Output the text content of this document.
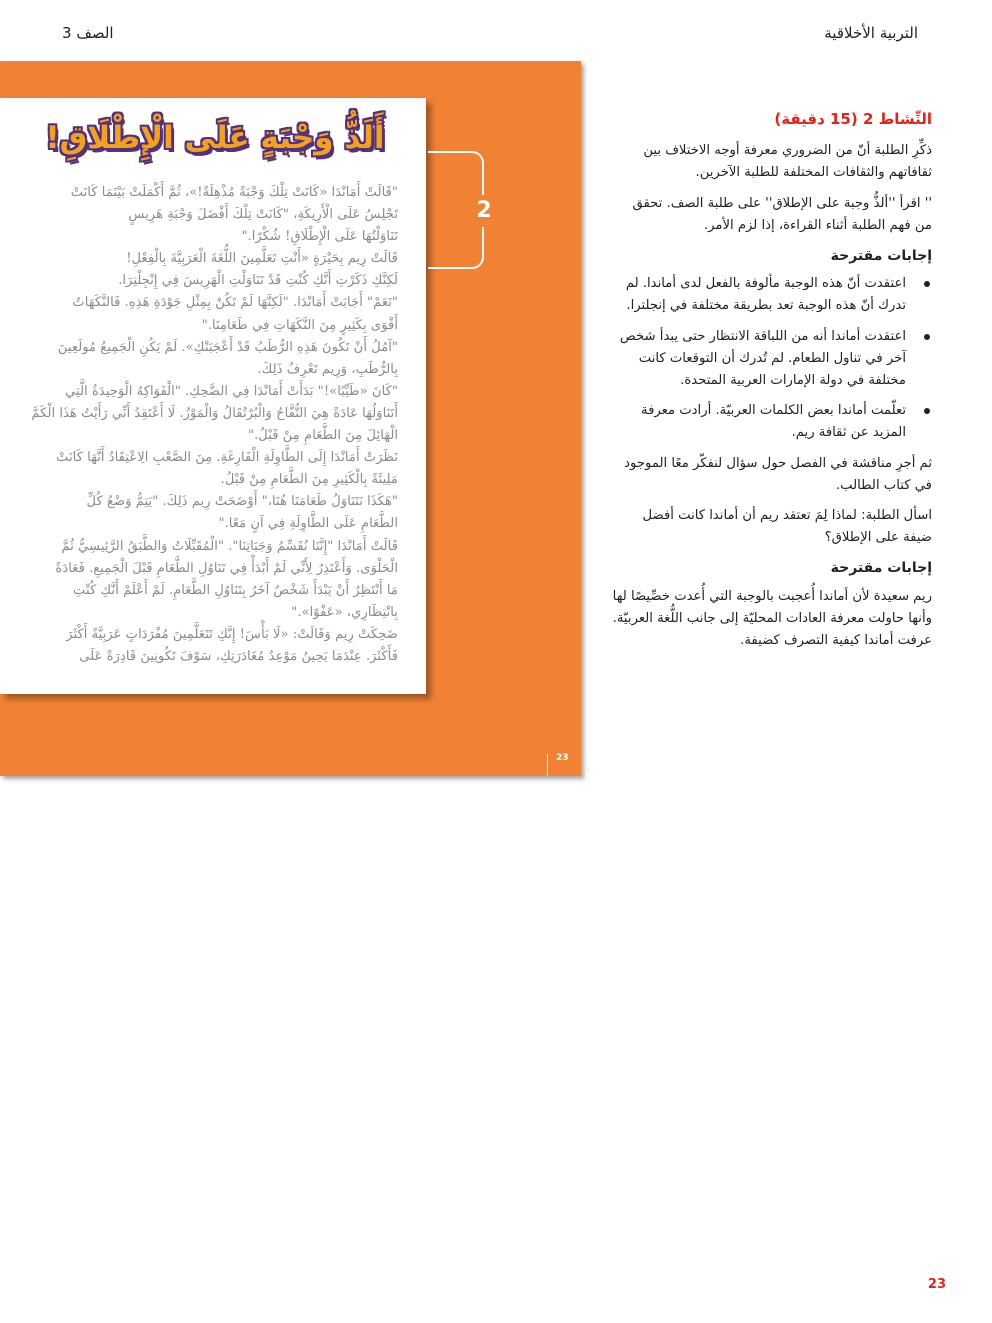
التربية الأخلاقية
الصف 3
أَلَذُّ وَجْبَةٍ عَلَى الْإِطْلَاقِ!
"قَالَتْ أَمَانْدَا «كَانَتْ تِلْكَ وَجْبَةً مُذْهِلَةً!»، ثُمَّ أَكْمَلَتْ بَيْنَمَا كَانَتْ
تَجْلِسُ عَلَى الْأَرِيكَةِ، "كَانَتْ تِلْكَ أَفْضَلَ وَجْبَةِ هَرِيسٍ
تَنَاوَلْتُهَا عَلَى الْإِطْلَاقِ! شُكْرًا."
قَالَتْ رِيم بِحَيْرَةٍ «أَنْتِ تَعَلَّمِينَ اللُّغَةَ الْعَرَبِيَّةَ بِالْفِعْلِ!
لَكِنَّكِ ذَكَرْتِ أَنَّكِ كُنْتِ قَدْ تَنَاوَلْتِ الْهَرِيسَ فِي إِنْجِلْتِرَا.
"نَعَمْ" أَجَابَتْ أَمَانْدَا. "لَكِنَّهَا لَمْ تَكُنْ بِمِثْلِ جَوْدَةِ هَذِهِ. فَالنَّكَهَاتُ
أَقْوَى بِكَثِيرٍ مِنَ النَّكَهَاتِ فِي طَعَامِنَا."
"آمُلُ أَنْ تَكُونَ هَذِهِ الرُّطَبُ قَدْ أَعْجَبَتْكِ». لَمْ يَكُنِ الْجَمِيعُ مُولَعِينَ
بِالرُّطَبِ، وَرِيم تَعْرِفُ ذَلِكَ.
"كَانَ «طَيِّبًا»!" بَدَأَتْ أَمَانْدَا فِي الضَّحِكِ. "الْفَوَاكِهُ الْوَحِيدَةُ الَّتِي
أَتَنَاوَلُهَا عَادَةً هِيَ التُّفَّاحُ وَالْبُرْتُقَالُ وَالْمَوْزُ. لَا أَعْتَقِدُ أَنِّي رَأَيْتُ هَذَا الْكَمَّ
الْهَائِلَ مِنَ الطَّعَامِ مِنْ قَبْلُ."
نَظَرَتْ أَمَانْدَا إِلَى الطَّاوِلَةِ الْفَارِغَةِ. مِنَ الصَّعْبِ الِاعْتِقَادُ أَنَّهَا كَانَتْ
مَلِيئَةً بِالْكَثِيرِ مِنَ الطَّعَامِ مِنْ قَبْلُ.
"هَكَذَا نَتَنَاوَلُ طَعَامَنَا هُنَا،" أَوْضَحَتْ رِيم ذَلِكَ. "يَتِمُّ وَضْعُ كُلِّ
الطَّعَامِ عَلَى الطَّاوِلَةِ فِي آنٍ مَعًا."
قَالَتْ أَمَانْدَا "إِنَّنَا نُقَسِّمُ وَجَبَاتِنَا". "الْمُقَبِّلَاتُ وَالطَّبَقُ الرَّئِيسِيُّ ثُمَّ
الْحَلْوَى. وَأَعْتَذِرُ لِأَنِّي لَمْ أَبْدَأْ فِي تَنَاوُلِ الطَّعَامِ قَبْلَ الْجَمِيعِ. فَعَادَةً
مَا أَنْتَظِرُ أَنْ يَبْدَأَ شَخْصٌ آخَرُ بِتَنَاوُلِ الطَّعَامِ. لَمْ أَعْلَمْ أَنَّكِ كُنْتِ
بِانْتِظَارِي، «عَفْوًا»."
ضَحِكَتْ رِيم وَقَالَتْ: «لَا بَأْسَ! إِنَّكِ تَتَعَلَّمِينَ مُفْرَدَاتٍ عَرَبِيَّةً أَكْثَرَ
فَأَكْثَرَ. عِنْدَمَا يَحِينُ مَوْعِدُ مُغَادَرَتِكِ، سَوْفَ تَكُونِينَ قَادِرَةً عَلَى
2
23
النِّشاط 2 (15 دقيقة)

ذكِّرِ الطلبة أنّ من الضروري معرفة أوجه الاختلاف بين ثقافاتهم والثقافات المختلفة للطلبة الآخرين.

'' اقرأ ''ألذُّ وجبة على الإطلاق'' على طلبة الصف. تحقق من فهم الطلبة أثناء القراءة، إذا لزم الأمر.

إجابات مقترحة
اعتقدت أنّ هذه الوجبة مألوفة بالفعل لدى أماندا. لم تدرك أنّ هذه الوجبة تعد بطريقة مختلفة في إنجلترا.
اعتقدت أماندا أنه من اللباقة الانتظار حتى يبدأ شخص آخر في تناول الطعام. لم تُدرك أن التوقعات كانت مختلفة في دولة الإمارات العربية المتحدة.
تعلّمت أماندا بعض الكلمات العربيّة. أرادت معرفة المزيد عن ثقافة ريم.

ثم أجرِ مناقشة في الفصل حول سؤال لنفكّر معًا الموجود في كتاب الطالب.

اسأل الطلبة: لماذا لِمَ تعتقد ريم أن أماندا كانت أفضل ضيفة على الإطلاق؟

إجابات مقترحة

ريم سعيدة لأن أماندا أُعجبت بالوجبة التي أُعدت خصِّيصًا لها وأنها حاولت معرفة العادات المحليّة إلى جانب اللُّغة العربيّة. عرفت أماندا كيفية التصرف كضيفة.

23
